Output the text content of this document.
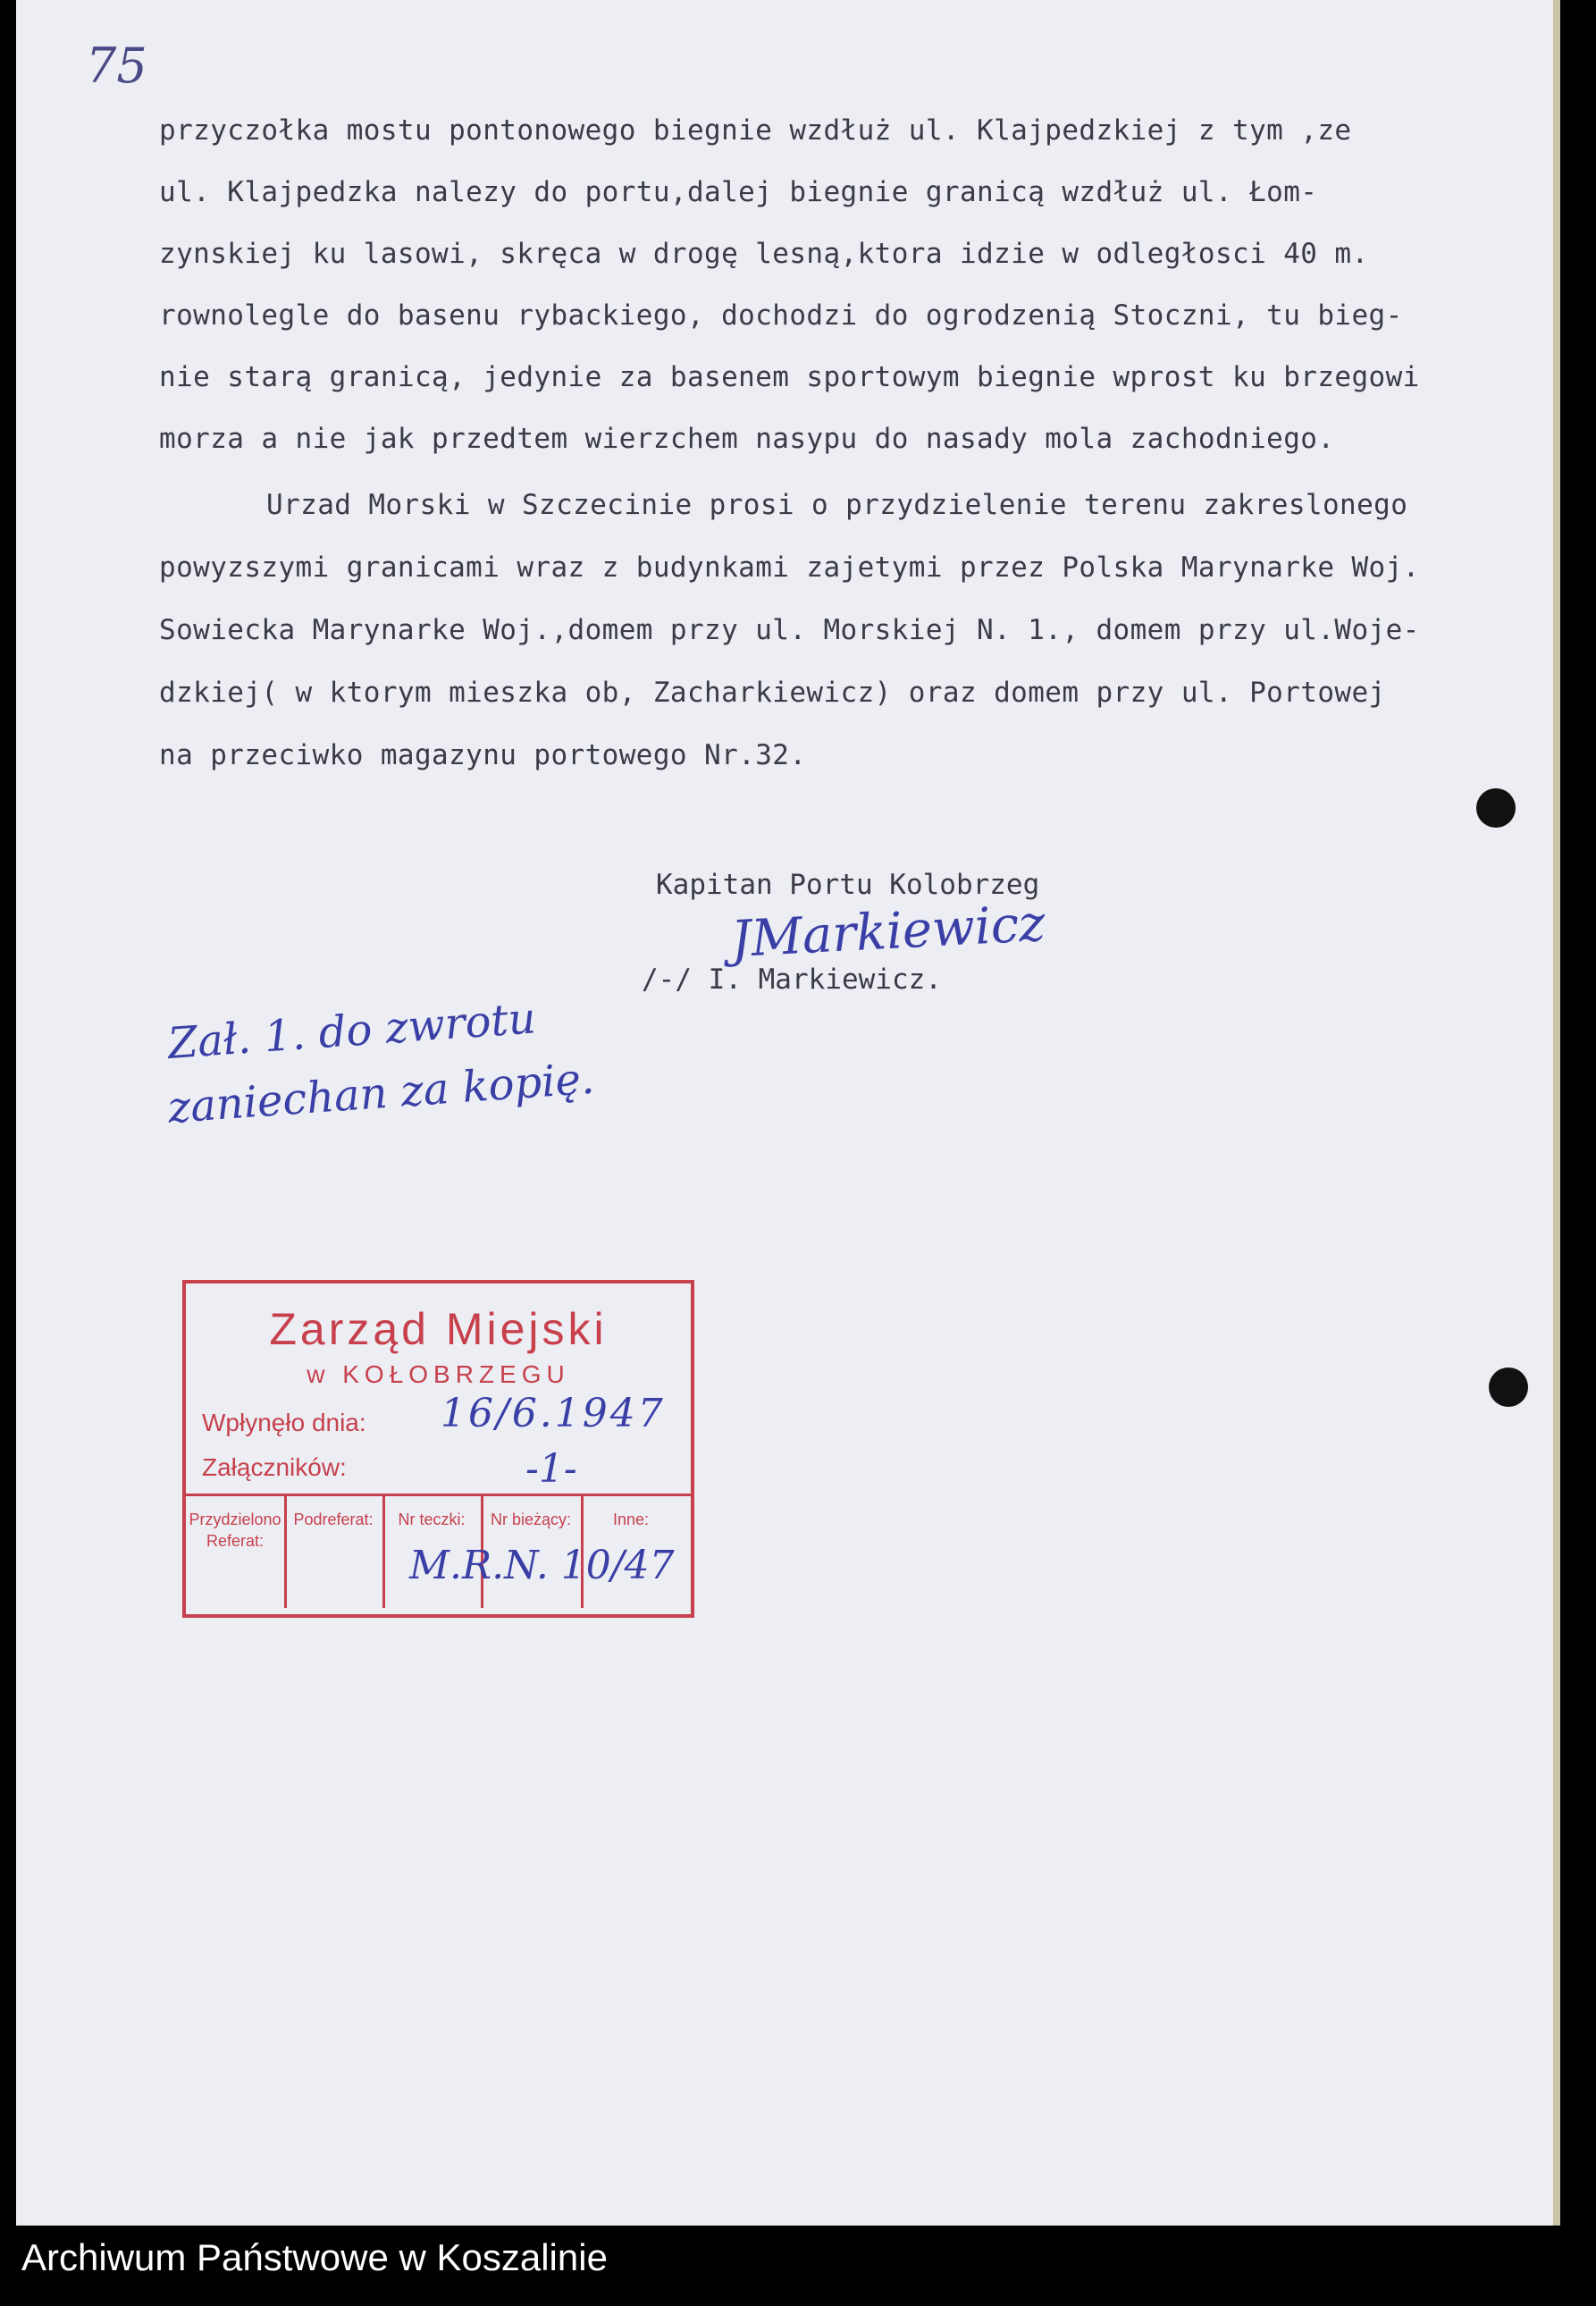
75
przyczołka mostu pontonowego biegnie wzdłuż ul. Klajpedzkiej z tym ,ze
ul. Klajpedzka nalezy do portu,dalej biegnie granicą wzdłuż ul. Łom-
zynskiej ku lasowi, skręca w drogę lesną,ktora idzie w odległosci 40 m.
rownolegle do basenu rybackiego, dochodzi do ogrodzenią Stoczni, tu bieg-
nie starą granicą, jedynie za basenem sportowym biegnie wprost ku brzegowi
morza a nie jak przedtem wierzchem nasypu do nasady mola zachodniego.
Urzad Morski w Szczecinie prosi o przydzielenie terenu zakreslonego
powyzszymi granicami wraz z budynkami zajetymi przez Polska Marynarke Woj.
Sowiecka Marynarke Woj.,domem przy ul. Morskiej N. 1., domem przy ul.Woje-
dzkiej( w ktorym mieszka ob, Zacharkiewicz) oraz domem przy ul. Portowej
na przeciwko magazynu portowego Nr.32.
Kapitan Portu Kolobrzeg
JMarkiewicz
/-/ I. Markiewicz.
Zał. 1. do zwrotu
zaniechan za kopię.
Zarząd Miejski
w KOŁOBRZEGU
Wpłynęło dnia: 16/6.1947
Załączników:	-1-
Przydzielono Referat:
Podreferat:	Nr teczki:	Nr bieżący:	Inne:
M.R.N. 10/47
Archiwum Państwowe w Koszalinie
